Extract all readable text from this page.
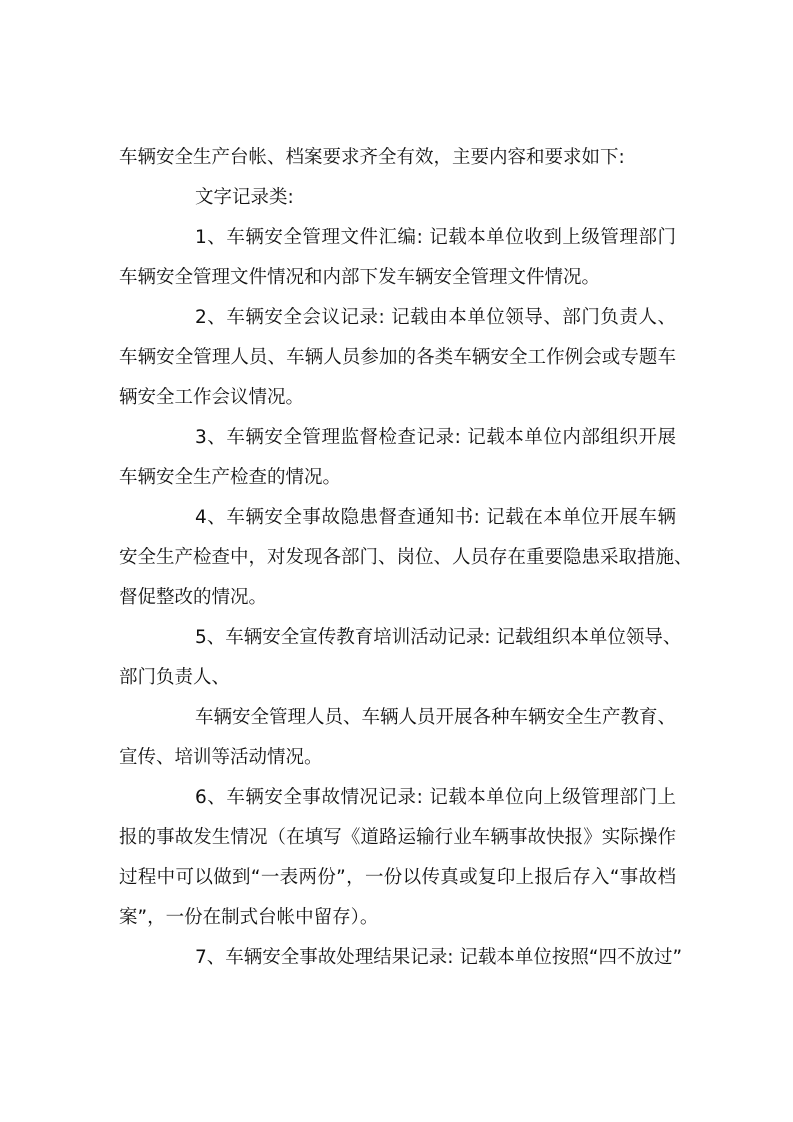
车辆安全生产台帐、档案要求齐全有效，主要内容和要求如下:
文字记录类:
1、车辆安全管理文件汇编: 记载本单位收到上级管理部门
车辆安全管理文件情况和内部下发车辆安全管理文件情况。
2、车辆安全会议记录: 记载由本单位领导、部门负责人、
车辆安全管理人员、车辆人员参加的各类车辆安全工作例会或专题车
辆安全工作会议情况。
3、车辆安全管理监督检查记录: 记载本单位内部组织开展
车辆安全生产检查的情况。
4、车辆安全事故隐患督查通知书: 记载在本单位开展车辆
安全生产检查中，对发现各部门、岗位、人员存在重要隐患采取措施、
督促整改的情况。
5、车辆安全宣传教育培训活动记录: 记载组织本单位领导、
部门负责人、
车辆安全管理人员、车辆人员开展各种车辆安全生产教育、
宣传、培训等活动情况。
6、车辆安全事故情况记录: 记载本单位向上级管理部门上
报的事故发生情况（在填写《道路运输行业车辆事故快报》实际操作
过程中可以做到“一表两份”，一份以传真或复印上报后存入“事故档
案”，一份在制式台帐中留存）。
7、车辆安全事故处理结果记录: 记载本单位按照“四不放过”
